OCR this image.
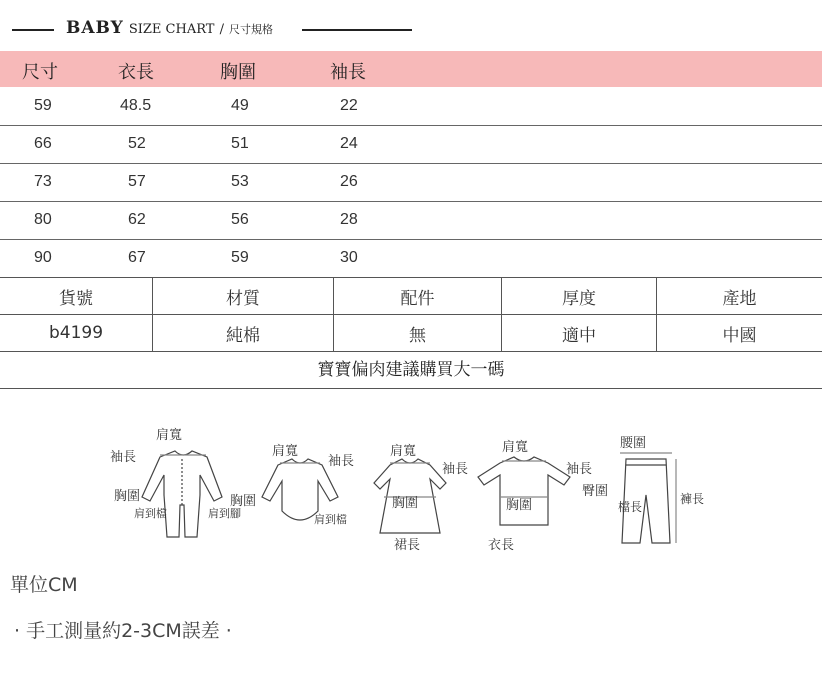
BABY SIZE CHART / 尺寸規格
尺寸	衣長	胸圍	袖長
59	48.5	49	22
66	52	51	24
73	57	53	26
80	62	56	28
90	67	59	30
貨號	材質	配件	厚度	產地
b4199	純棉	無	適中	中國
寶寶偏肉建議購買大一碼
肩寬
袖長
胸圍
肩到檔	肩到腳
肩寬
袖長
胸圍
肩到檔
肩寬
袖長
胸圍
裙長
肩寬
袖長
胸圍
衣長
腰圍
臀圍
檔長
褲長
單位CM
· 手工測量約2-3CM誤差 ·
